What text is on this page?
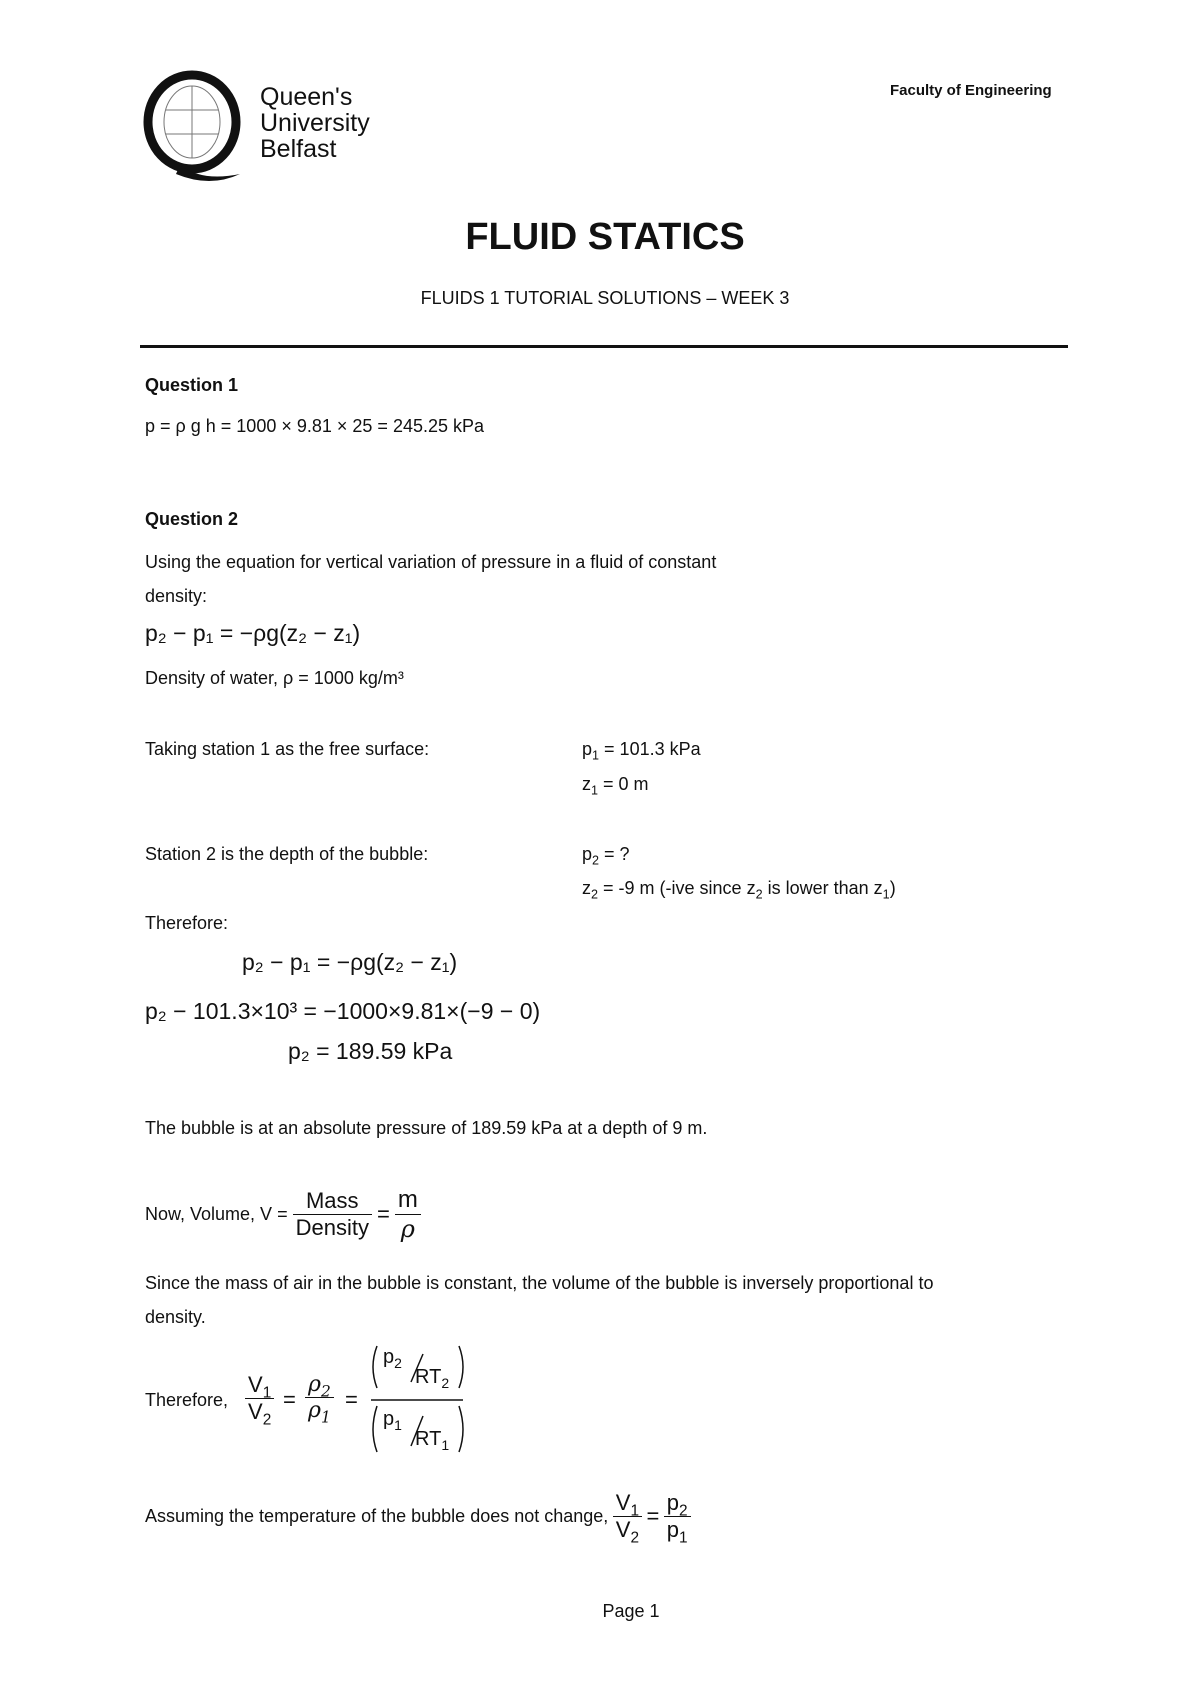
Queen's University
Belfast
Faculty of Engineering
FLUID STATICS
FLUIDS 1 TUTORIAL SOLUTIONS – WEEK 3
Question 1
p = ρ g h = 1000 × 9.81 × 25 = 245.25 kPa
Question 2
Using the equation for vertical variation of pressure in a fluid of constant
density:
p₂ − p₁ = −ρg(z₂ − z₁)
Density of water, ρ = 1000 kg/m³
Taking station 1 as the free surface:	$p_1 = 101.3$ kPa
$z_1 = 0$ m
Station 2 is the depth of the bubble:	$p_2$ = ?
$z_2 = -9$ m (-ive since $z_2$ is lower than $z_1$)
Therefore:
p₂ − p₁ = −ρg(z₂ − z₁)
p₂ − 101.3×10³ = −1000×9.81×(−9 − 0)
p₂ = 189.59 kPa
The bubble is at an absolute pressure of 189.59 kPa at a depth of 9 m.
Now, Volume, $V = \frac{\text{Mass}}{\text{Density}} = \frac{m}{\rho}$
Since the mass of air in the bubble is constant, the volume of the bubble is inversely proportional to
density.
Therefore, $\frac{V_1}{V_2} = \frac{\rho_2}{\rho_1}$ =
$p_2$
$RT_2$
$p_1$
$RT_1$
Assuming the temperature of the bubble does not change, $\frac{V_1}{V_2} = \frac{p_2}{p_1}$
Page 1
